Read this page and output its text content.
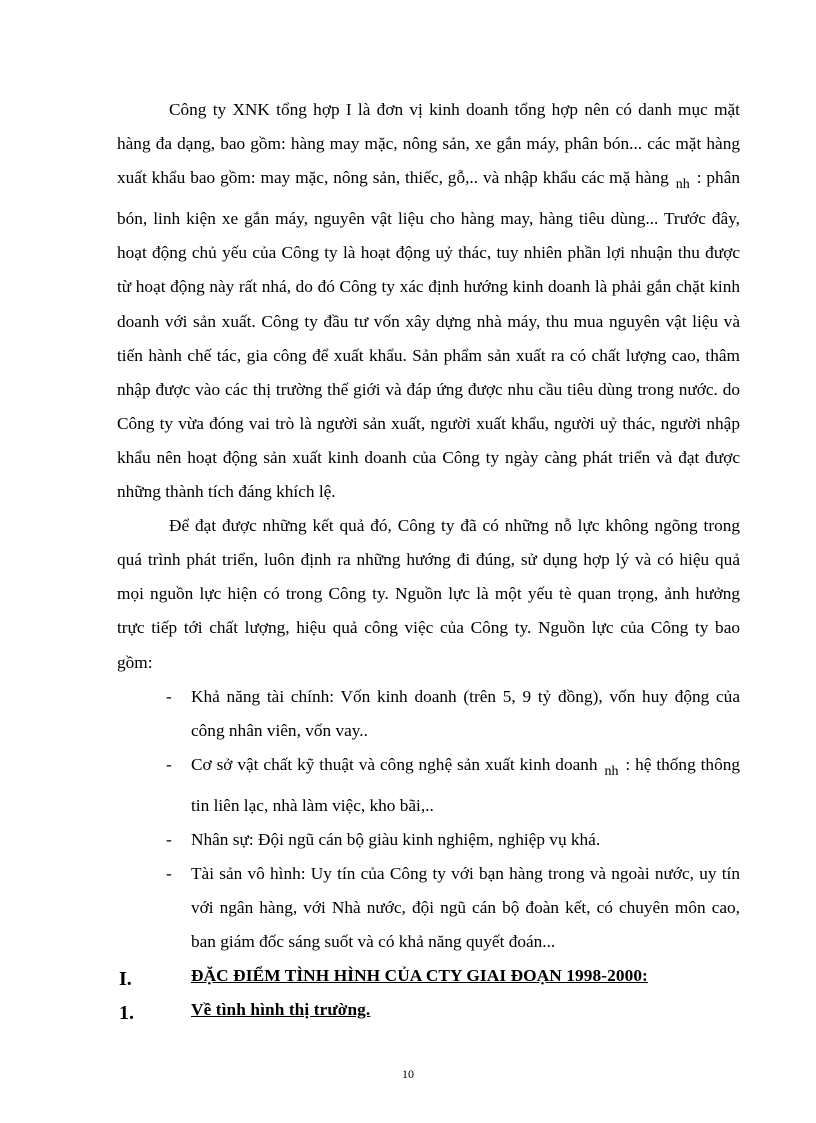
Công ty XNK tổng hợp I là đơn vị kinh doanh tổng hợp nên có danh mục mặt hàng đa dạng, bao gồm: hàng may mặc, nông sản, xe gắn máy, phân bón... các mặt hàng xuất khẩu bao gồm: may mặc, nông sản, thiếc, gỗ,.. và nhập khẩu các mặ hàng $_{nh}$ : phân bón, linh kiện xe gắn máy, nguyên vật liệu cho hàng may, hàng tiêu dùng... Trước đây, hoạt động chủ yếu của Công ty là hoạt động uỷ thác, tuy nhiên phần lợi nhuận thu được từ hoạt động này rất nhá, do đó Công ty xác định hướng kinh doanh là phải gắn chặt kinh doanh với sản xuất. Công ty đầu tư vốn xây dựng nhà máy, thu mua nguyên vật liệu và tiến hành chế tác, gia công để xuất khẩu. Sản phẩm sản xuất ra có chất lượng cao, thâm nhập được vào các thị trường thế giới và đáp ứng được nhu cầu tiêu dùng trong nước. do Công ty vừa đóng vai trò là người sản xuất, người xuất khẩu, người uỷ thác, người nhập khẩu nên hoạt động sản xuất kinh doanh của Công ty ngày càng phát triển và đạt được những thành tích đáng khích lệ.

Để đạt được những kết quả đó, Công ty đã có những nỗ lực không ngõng trong quá trình phát triển, luôn định ra những hướng đi đúng, sử dụng hợp lý và có hiệu quả mọi nguồn lực hiện có trong Công ty. Nguồn lực là một yếu tè quan trọng, ảnh hưởng trực tiếp tới chất lượng, hiệu quả công việc của Công ty. Nguồn lực của Công ty bao gồm:

- Khả năng tài chính: Vốn kinh doanh (trên 5, 9 tỷ đồng), vốn huy động của công nhân viên, vốn vay..
- Cơ sở vật chất kỹ thuật và công nghệ sản xuất kinh doanh $_{nh}$ : hệ thống thông tin liên lạc, nhà làm việc, kho bãi,..
- Nhân sự: Đội ngũ cán bộ giàu kinh nghiệm, nghiệp vụ khá.
- Tài sản vô hình: Uy tín của Công ty với bạn hàng trong và ngoài nước, uy tín với ngân hàng, với Nhà nước, đội ngũ cán bộ đoàn kết, có chuyên môn cao, ban giám đốc sáng suốt và có khả năng quyết đoán...
I.	ĐẶC ĐIỂM TÌNH HÌNH CỦA CTY GIAI ĐOẠN 1998-2000:
1.	Về tình hình thị trường.
10
